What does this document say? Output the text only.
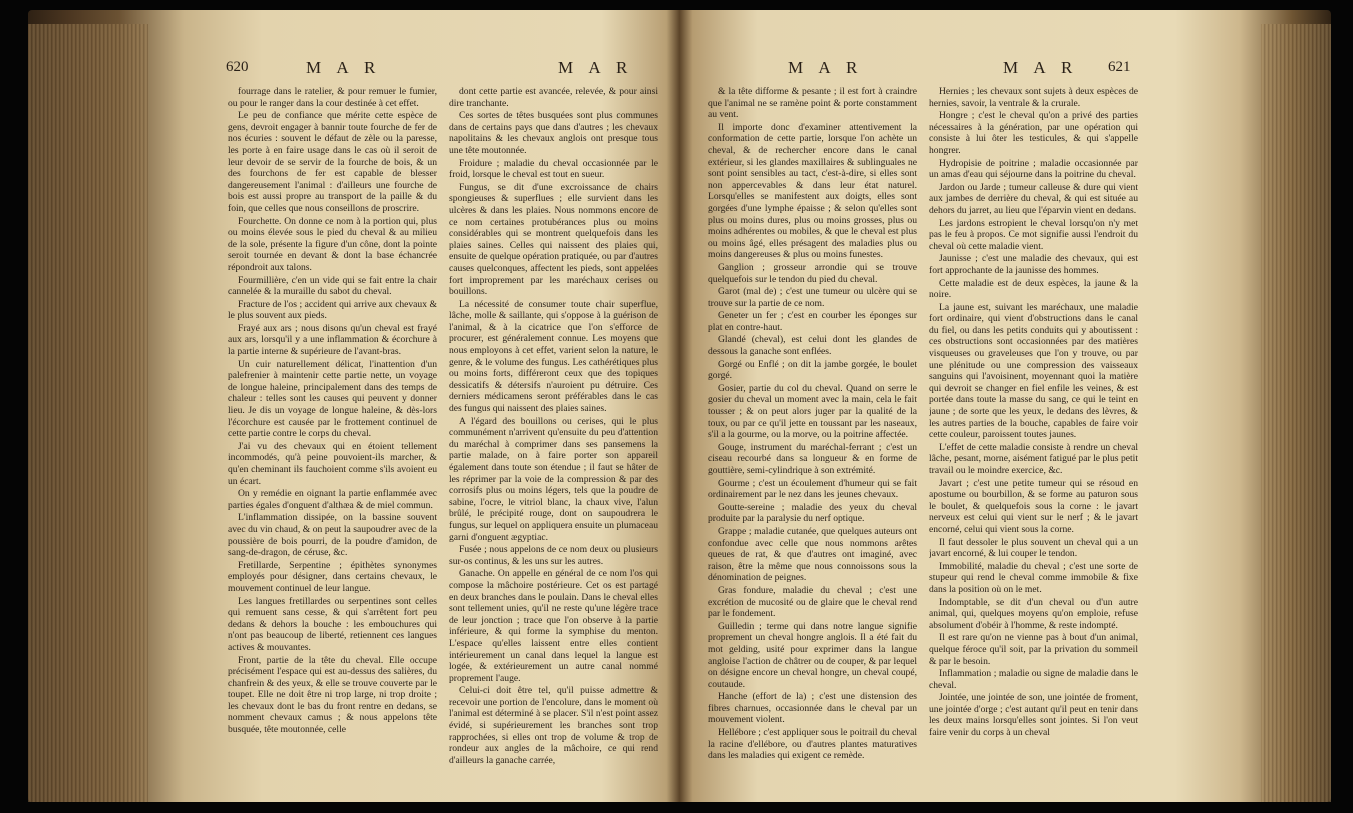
620	M A R	M A R

fourrage dans le ratelier, & pour remuer le fumier, ou pour le ranger dans la cour destinée à cet effet.

Le peu de confiance que mérite cette espèce de gens, devroit engager à bannir toute fourche de fer de nos écuries : souvent le défaut de zèle ou la paresse, les porte à en faire usage dans le cas où il seroit de leur devoir de se servir de la fourche de bois, & un des fourchons de fer est capable de blesser dangereusement l'animal : d'ailleurs une fourche de bois est aussi propre au transport de la paille & du foin, que celles que nous conseillons de proscrire.

Fourchette. On donne ce nom à la portion qui, plus ou moins élevée sous le pied du cheval & au milieu de la sole, présente la figure d'un cône, dont la pointe seroit tournée en devant & dont la base échancrée répondroit aux talons.

Fourmillière, c'en un vide qui se fait entre la chair cannelée & la muraille du sabot du cheval.

Fracture de l'os ; accident qui arrive aux chevaux & le plus souvent aux pieds.

Frayé aux ars ; nous disons qu'un cheval est frayé aux ars, lorsqu'il y a une inflammation & écorchure à la partie interne & supérieure de l'avant-bras.

Un cuir naturellement délicat, l'inattention d'un palefrenier à maintenir cette partie nette, un voyage de longue haleine, principalement dans des temps de chaleur : telles sont les causes qui peuvent y donner lieu. Je dis un voyage de longue haleine, & dès-lors l'écorchure est causée par le frottement continuel de cette partie contre le corps du cheval.

J'ai vu des chevaux qui en étoient tellement incommodés, qu'à peine pouvoient-ils marcher, & qu'en cheminant ils fauchoient comme s'ils avoient eu un écart.

On y remédie en oignant la partie enflammée avec parties égales d'onguent d'althæa & de miel commun.

L'inflammation dissipée, on la bassine souvent avec du vin chaud, & on peut la saupoudrer avec de la poussière de bois pourri, de la poudre d'amidon, de sang-de-dragon, de céruse, &c.

Fretillarde, Serpentine ; épithètes synonymes employés pour désigner, dans certains chevaux, le mouvement continuel de leur langue.

Les langues fretillardes ou serpentines sont celles qui remuent sans cesse, & qui s'arrêtent fort peu dedans & dehors la bouche : les embouchures qui n'ont pas beaucoup de liberté, retiennent ces langues actives & mouvantes.

Front, partie de la tête du cheval. Elle occupe précisément l'espace qui est au-dessus des salières, du chanfrein & des yeux, & elle se trouve couverte par le toupet. Elle ne doit être ni trop large, ni trop droite ; les chevaux dont le bas du front rentre en dedans, se nomment chevaux camus ; & nous appelons tête busquée, tête moutonnée, celle

dont cette partie est avancée, relevée, & pour ainsi dire tranchante.

Ces sortes de têtes busquées sont plus communes dans de certains pays que dans d'autres ; les chevaux napolitains & les chevaux anglois ont presque tous une tête moutonnée.

Froidure ; maladie du cheval occasionnée par le froid, lorsque le cheval est tout en sueur.

Fungus, se dit d'une excroissance de chairs spongieuses & superflues ; elle survient dans les ulcères & dans les plaies. Nous nommons encore de ce nom certaines protubérances plus ou moins considérables qui se montrent quelquefois dans les plaies saines. Celles qui naissent des plaies qui, ensuite de quelque opération pratiquée, ou par d'autres causes quelconques, affectent les pieds, sont appelées fort improprement par les maréchaux cerises ou bouillons.

La nécessité de consumer toute chair superflue, lâche, molle & saillante, qui s'oppose à la guérison de l'animal, & à la cicatrice que l'on s'efforce de procurer, est généralement connue. Les moyens que nous employons à cet effet, varient selon la nature, le genre, & le volume des fungus. Les cathérétiques plus ou moins forts, différeront ceux que des topiques dessicatifs & détersifs n'auroient pu détruire. Ces derniers médicamens seront préférables dans le cas des fungus qui naissent des plaies saines.

A l'égard des bouillons ou cerises, qui le plus communément n'arrivent qu'ensuite du peu d'attention du maréchal à comprimer dans ses pansemens la partie malade, on à faire porter son appareil également dans toute son étendue ; il faut se hâter de les réprimer par la voie de la compression & par des corrosifs plus ou moins légers, tels que la poudre de sabine, l'ocre, le vitriol blanc, la chaux vive, l'alun brûlé, le précipité rouge, dont on saupoudrera le fungus, sur lequel on appliquera ensuite un plumaceau garni d'onguent ægyptiac.

Fusée ; nous appelons de ce nom deux ou plusieurs sur-os continus, & les uns sur les autres.

Ganache. On appelle en général de ce nom l'os qui compose la mâchoire postérieure. Cet os est partagé en deux branches dans le poulain. Dans le cheval elles sont tellement unies, qu'il ne reste qu'une légère trace de leur jonction ; trace que l'on observe à la partie inférieure, & qui forme la symphise du menton. L'espace qu'elles laissent entre elles contient intérieurement un canal dans lequel la langue est logée, & extérieurement un autre canal nommé proprement l'auge.

Celui-ci doit être tel, qu'il puisse admettre & recevoir une portion de l'encolure, dans le moment où l'animal est déterminé à se placer. S'il n'est point assez évidé, si supérieurement les branches sont trop rapprochées, si elles ont trop de volume & trop de rondeur aux angles de la mâchoire, ce qui rend d'ailleurs la ganache carrée,

M A R	M A R 621

& la tête difforme & pesante ; il est fort à craindre que l'animal ne se ramène point & porte constamment au vent.

Il importe donc d'examiner attentivement la conformation de cette partie, lorsque l'on achète un cheval, & de rechercher encore dans le canal extérieur, si les glandes maxillaires & sublinguales ne sont point sensibles au tact, c'est-à-dire, si elles sont non appercevables & dans leur état naturel. Lorsqu'elles se manifestent aux doigts, elles sont gorgées d'une lymphe épaisse ; & selon qu'elles sont plus ou moins dures, plus ou moins grosses, plus ou moins adhérentes ou mobiles, & que le cheval est plus ou moins âgé, elles présagent des maladies plus ou moins dangereuses & plus ou moins funestes.

Ganglion ; grosseur arrondie qui se trouve quelquefois sur le tendon du pied du cheval.

Garot (mal de) ; c'est une tumeur ou ulcère qui se trouve sur la partie de ce nom.

Geneter un fer ; c'est en courber les éponges sur plat en contre-haut.

Glandé (cheval), est celui dont les glandes de dessous la ganache sont enflées.

Gorgé ou Enflé ; on dit la jambe gorgée, le boulet gorgé.

Gosier, partie du col du cheval. Quand on serre le gosier du cheval un moment avec la main, cela le fait tousser ; & on peut alors juger par la qualité de la toux, ou par ce qu'il jette en toussant par les naseaux, s'il a la gourme, ou la morve, ou la poitrine affectée.

Gouge, instrument du maréchal-ferrant ; c'est un ciseau recourbé dans sa longueur & en forme de gouttière, semi-cylindrique à son extrémité.

Gourme ; c'est un écoulement d'humeur qui se fait ordinairement par le nez dans les jeunes chevaux.

Goutte-sereine ; maladie des yeux du cheval produite par la paralysie du nerf optique.

Grappe ; maladie cutanée, que quelques auteurs ont confondue avec celle que nous nommons arêtes queues de rat, & que d'autres ont imaginé, avec raison, être la même que nous connoissons sous la dénomination de peignes.

Gras fondure, maladie du cheval ; c'est une excrétion de mucosité ou de glaire que le cheval rend par le fondement.

Guilledin ; terme qui dans notre langue signifie proprement un cheval hongre anglois. Il a été fait du mot gelding, usité pour exprimer dans la langue angloise l'action de châtrer ou de couper, & par lequel on désigne encore un cheval hongre, un cheval coupé, coutaude.

Hanche (effort de la) ; c'est une distension des fibres charnues, occasionnée dans le cheval par un mouvement violent.

Hellébore ; c'est appliquer sous le poitrail du cheval la racine d'ellébore, ou d'autres plantes maturatives dans les maladies qui exigent ce remède.

Hernies ; les chevaux sont sujets à deux espèces de hernies, savoir, la ventrale & la crurale.

Hongre ; c'est le cheval qu'on a privé des parties nécessaires à la génération, par une opération qui consiste à lui ôter les testicules, & qui s'appelle hongrer.

Hydropisie de poitrine ; maladie occasionnée par un amas d'eau qui séjourne dans la poitrine du cheval.

Jardon ou Jarde ; tumeur calleuse & dure qui vient aux jambes de derrière du cheval, & qui est située au dehors du jarret, au lieu que l'éparvin vient en dedans.

Les jardons estropient le cheval lorsqu'on n'y met pas le feu à propos. Ce mot signifie aussi l'endroit du cheval où cette maladie vient.

Jaunisse ; c'est une maladie des chevaux, qui est fort approchante de la jaunisse des hommes.

Cette maladie est de deux espèces, la jaune & la noire.

La jaune est, suivant les maréchaux, une maladie fort ordinaire, qui vient d'obstructions dans le canal du fiel, ou dans les petits conduits qui y aboutissent : ces obstructions sont occasionnées par des matières visqueuses ou graveleuses que l'on y trouve, ou par une plénitude ou une compression des vaisseaux sanguins qui l'avoisinent, moyennant quoi la matière qui devroit se changer en fiel enfile les veines, & est portée dans toute la masse du sang, ce qui le teint en jaune ; de sorte que les yeux, le dedans des lèvres, & les autres parties de la bouche, capables de faire voir cette couleur, paroissent toutes jaunes.

L'effet de cette maladie consiste à rendre un cheval lâche, pesant, morne, aisément fatigué par le plus petit travail ou le moindre exercice, &c.

Javart ; c'est une petite tumeur qui se résoud en apostume ou bourbillon, & se forme au paturon sous le boulet, & quelquefois sous la corne : le javart nerveux est celui qui vient sur le nerf ; & le javart encorné, celui qui vient sous la corne.

Il faut dessoler le plus souvent un cheval qui a un javart encorné, & lui couper le tendon.

Immobilité, maladie du cheval ; c'est une sorte de stupeur qui rend le cheval comme immobile & fixe dans la position où on le met.

Indomptable, se dit d'un cheval ou d'un autre animal, qui, quelques moyens qu'on emploie, refuse absolument d'obéir à l'homme, & reste indompté.

Il est rare qu'on ne vienne pas à bout d'un animal, quelque féroce qu'il soit, par la privation du sommeil & par le besoin.

Inflammation ; maladie ou signe de maladie dans le cheval.

Jointée, une jointée de son, une jointée de froment, une jointée d'orge ; c'est autant qu'il peut en tenir dans les deux mains lorsqu'elles sont jointes. Si l'on veut faire venir du corps à un cheval
